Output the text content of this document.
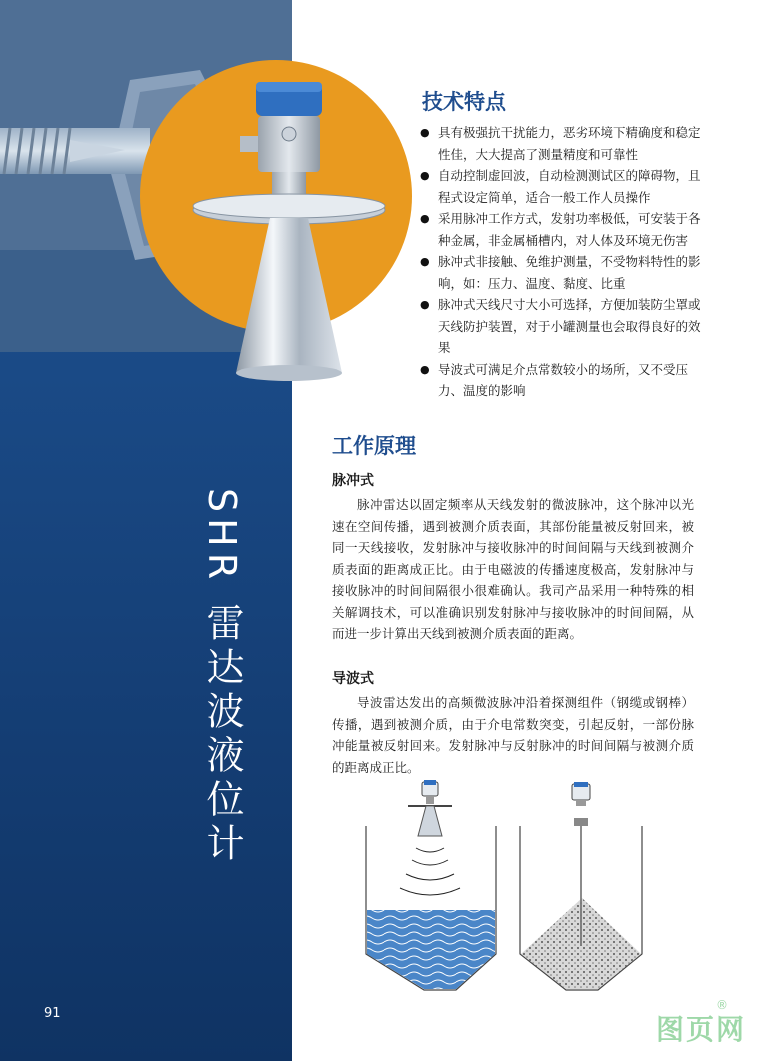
技术特点
● 具有极强抗干扰能力，恶劣环境下精确度和稳定性佳，大大提高了测量精度和可靠性
● 自动控制虚回波，自动检测测试区的障碍物，且程式设定简单，适合一般工作人员操作
● 采用脉冲工作方式，发射功率极低，可安装于各种金属，非金属桶槽内，对人体及环境无伤害
● 脉冲式非接触、免维护测量，不受物料特性的影响，如：压力、温度、黏度、比重
● 脉冲式天线尺寸大小可选择，方便加装防尘罩或天线防护装置，对于小罐测量也会取得良好的效果
● 导波式可满足介点常数较小的场所，又不受压力、温度的影响
工作原理
脉冲式

脉冲雷达以固定频率从天线发射的微波脉冲，这个脉冲以光速在空间传播，遇到被测介质表面，其部份能量被反射回来，被同一天线接收，发射脉冲与接收脉冲的时间间隔与天线到被测介质表面的距离成正比。由于电磁波的传播速度极高，发射脉冲与接收脉冲的时间间隔很小很难确认。我司产品采用一种特殊的相关解调技术，可以准确识别发射脉冲与接收脉冲的时间间隔，从而进一步计算出天线到被测介质表面的距离。

导波式

导波雷达发出的高频微波脉冲沿着探测组件（钢缆或钢棒）传播，遇到被测介质，由于介电常数突变，引起反射，一部份脉冲能量被反射回来。发射脉冲与反射脉冲的时间间隔与被测介质的距离成正比。

SHR 雷达波液位计
91	图页网
®
